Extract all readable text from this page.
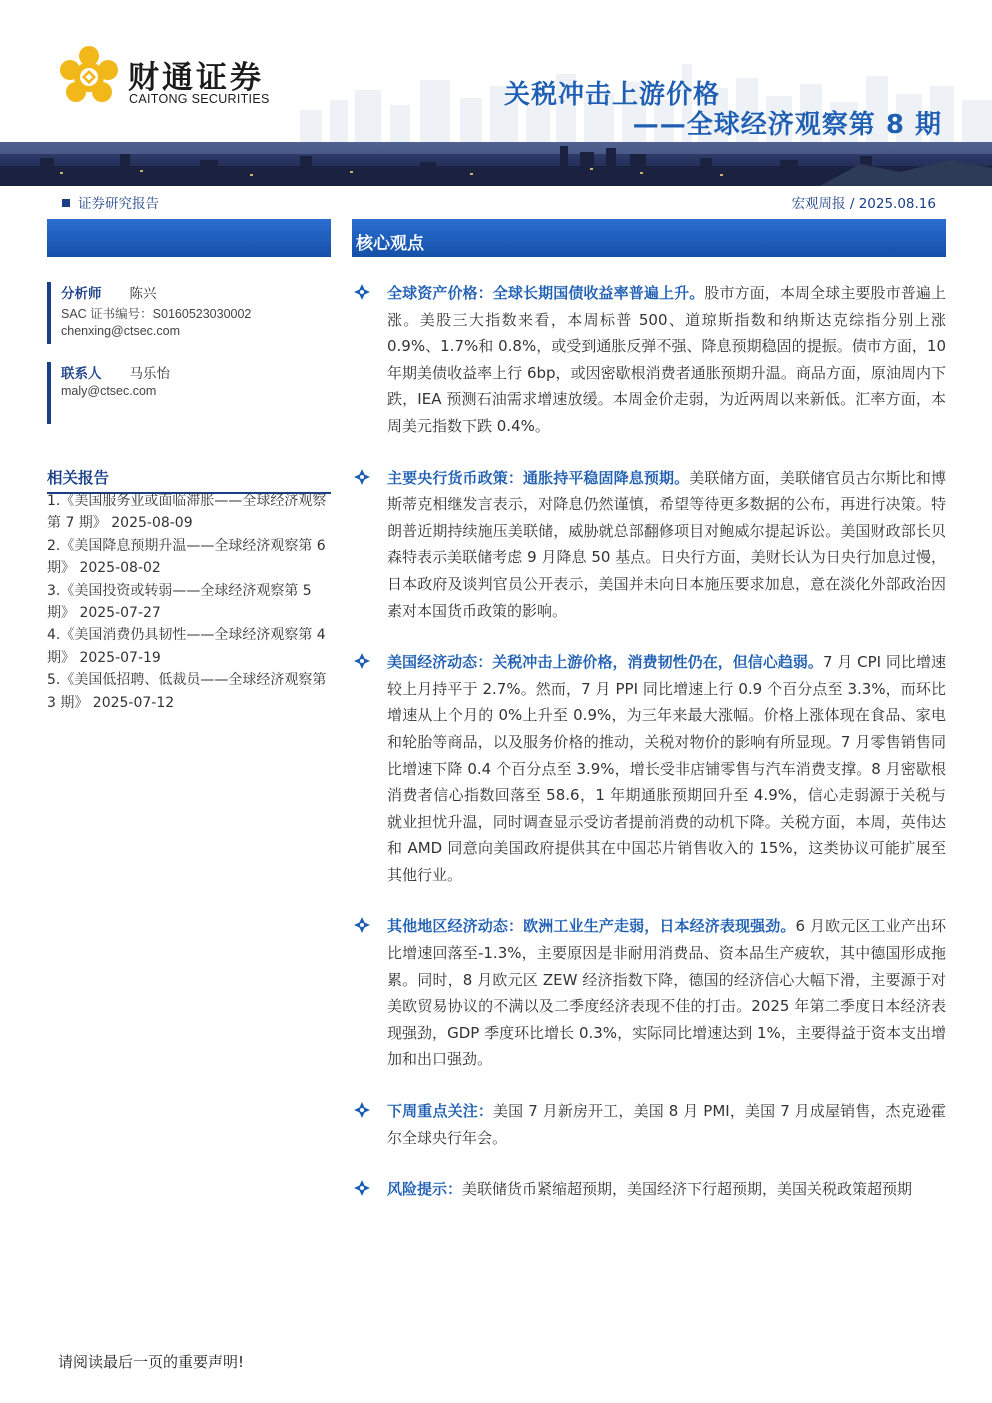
财通证券
CAITONG SECURITIES	关税冲击上游价格
——全球经济观察第 8 期
证券研究报告	宏观周报 / 2025.08.16
核心观点
分析师 陈兴
SAC 证书编号：S0160523030002
chenxing@ctsec.com
联系人 马乐怡
maly@ctsec.com
相关报告
1.《美国服务业或面临滞胀——全球经济观察第 7 期》 2025-08-09
2.《美国降息预期升温——全球经济观察第 6 期》 2025-08-02
3.《美国投资或转弱——全球经济观察第 5 期》 2025-07-27
4.《美国消费仍具韧性——全球经济观察第 4 期》 2025-07-19
5.《美国低招聘、低裁员——全球经济观察第 3 期》 2025-07-12

全球资产价格：全球长期国债收益率普遍上升。股市方面，本周全球主要股市普遍上涨。美股三大指数来看，本周标普 500、道琼斯指数和纳斯达克综指分别上涨 0.9%、1.7%和 0.8%，或受到通胀反弹不强、降息预期稳固的提振。债市方面，10 年期美债收益率上行 6bp，或因密歇根消费者通胀预期升温。商品方面，原油周内下跌，IEA 预测石油需求增速放缓。本周金价走弱，为近两周以来新低。汇率方面，本周美元指数下跌 0.4%。

主要央行货币政策：通胀持平稳固降息预期。美联储方面，美联储官员古尔斯比和博斯蒂克相继发言表示，对降息仍然谨慎，希望等待更多数据的公布，再进行决策。特朗普近期持续施压美联储，威胁就总部翻修项目对鲍威尔提起诉讼。美国财政部长贝森特表示美联储考虑 9 月降息 50 基点。日央行方面，美财长认为日央行加息过慢，日本政府及谈判官员公开表示，美国并未向日本施压要求加息，意在淡化外部政治因素对本国货币政策的影响。

美国经济动态：关税冲击上游价格，消费韧性仍在，但信心趋弱。7 月 CPI 同比增速较上月持平于 2.7%。然而，7 月 PPI 同比增速上行 0.9 个百分点至 3.3%，而环比增速从上个月的 0%上升至 0.9%，为三年来最大涨幅。价格上涨体现在食品、家电和轮胎等商品，以及服务价格的推动，关税对物价的影响有所显现。7 月零售销售同比增速下降 0.4 个百分点至 3.9%，增长受非店铺零售与汽车消费支撑。8 月密歇根消费者信心指数回落至 58.6，1 年期通胀预期回升至 4.9%，信心走弱源于关税与就业担忧升温，同时调查显示受访者提前消费的动机下降。关税方面，本周，英伟达和 AMD 同意向美国政府提供其在中国芯片销售收入的 15%，这类协议可能扩展至其他行业。

其他地区经济动态：欧洲工业生产走弱，日本经济表现强劲。6 月欧元区工业产出环比增速回落至-1.3%，主要原因是非耐用消费品、资本品生产疲软，其中德国形成拖累。同时，8 月欧元区 ZEW 经济指数下降，德国的经济信心大幅下滑，主要源于对美欧贸易协议的不满以及二季度经济表现不佳的打击。2025 年第二季度日本经济表现强劲，GDP 季度环比增长 0.3%，实际同比增速达到 1%，主要得益于资本支出增加和出口强劲。

下周重点关注：美国 7 月新房开工，美国 8 月 PMI，美国 7 月成屋销售，杰克逊霍尔全球央行年会。

风险提示：美联储货币紧缩超预期，美国经济下行超预期，美国关税政策超预期

请阅读最后一页的重要声明!
